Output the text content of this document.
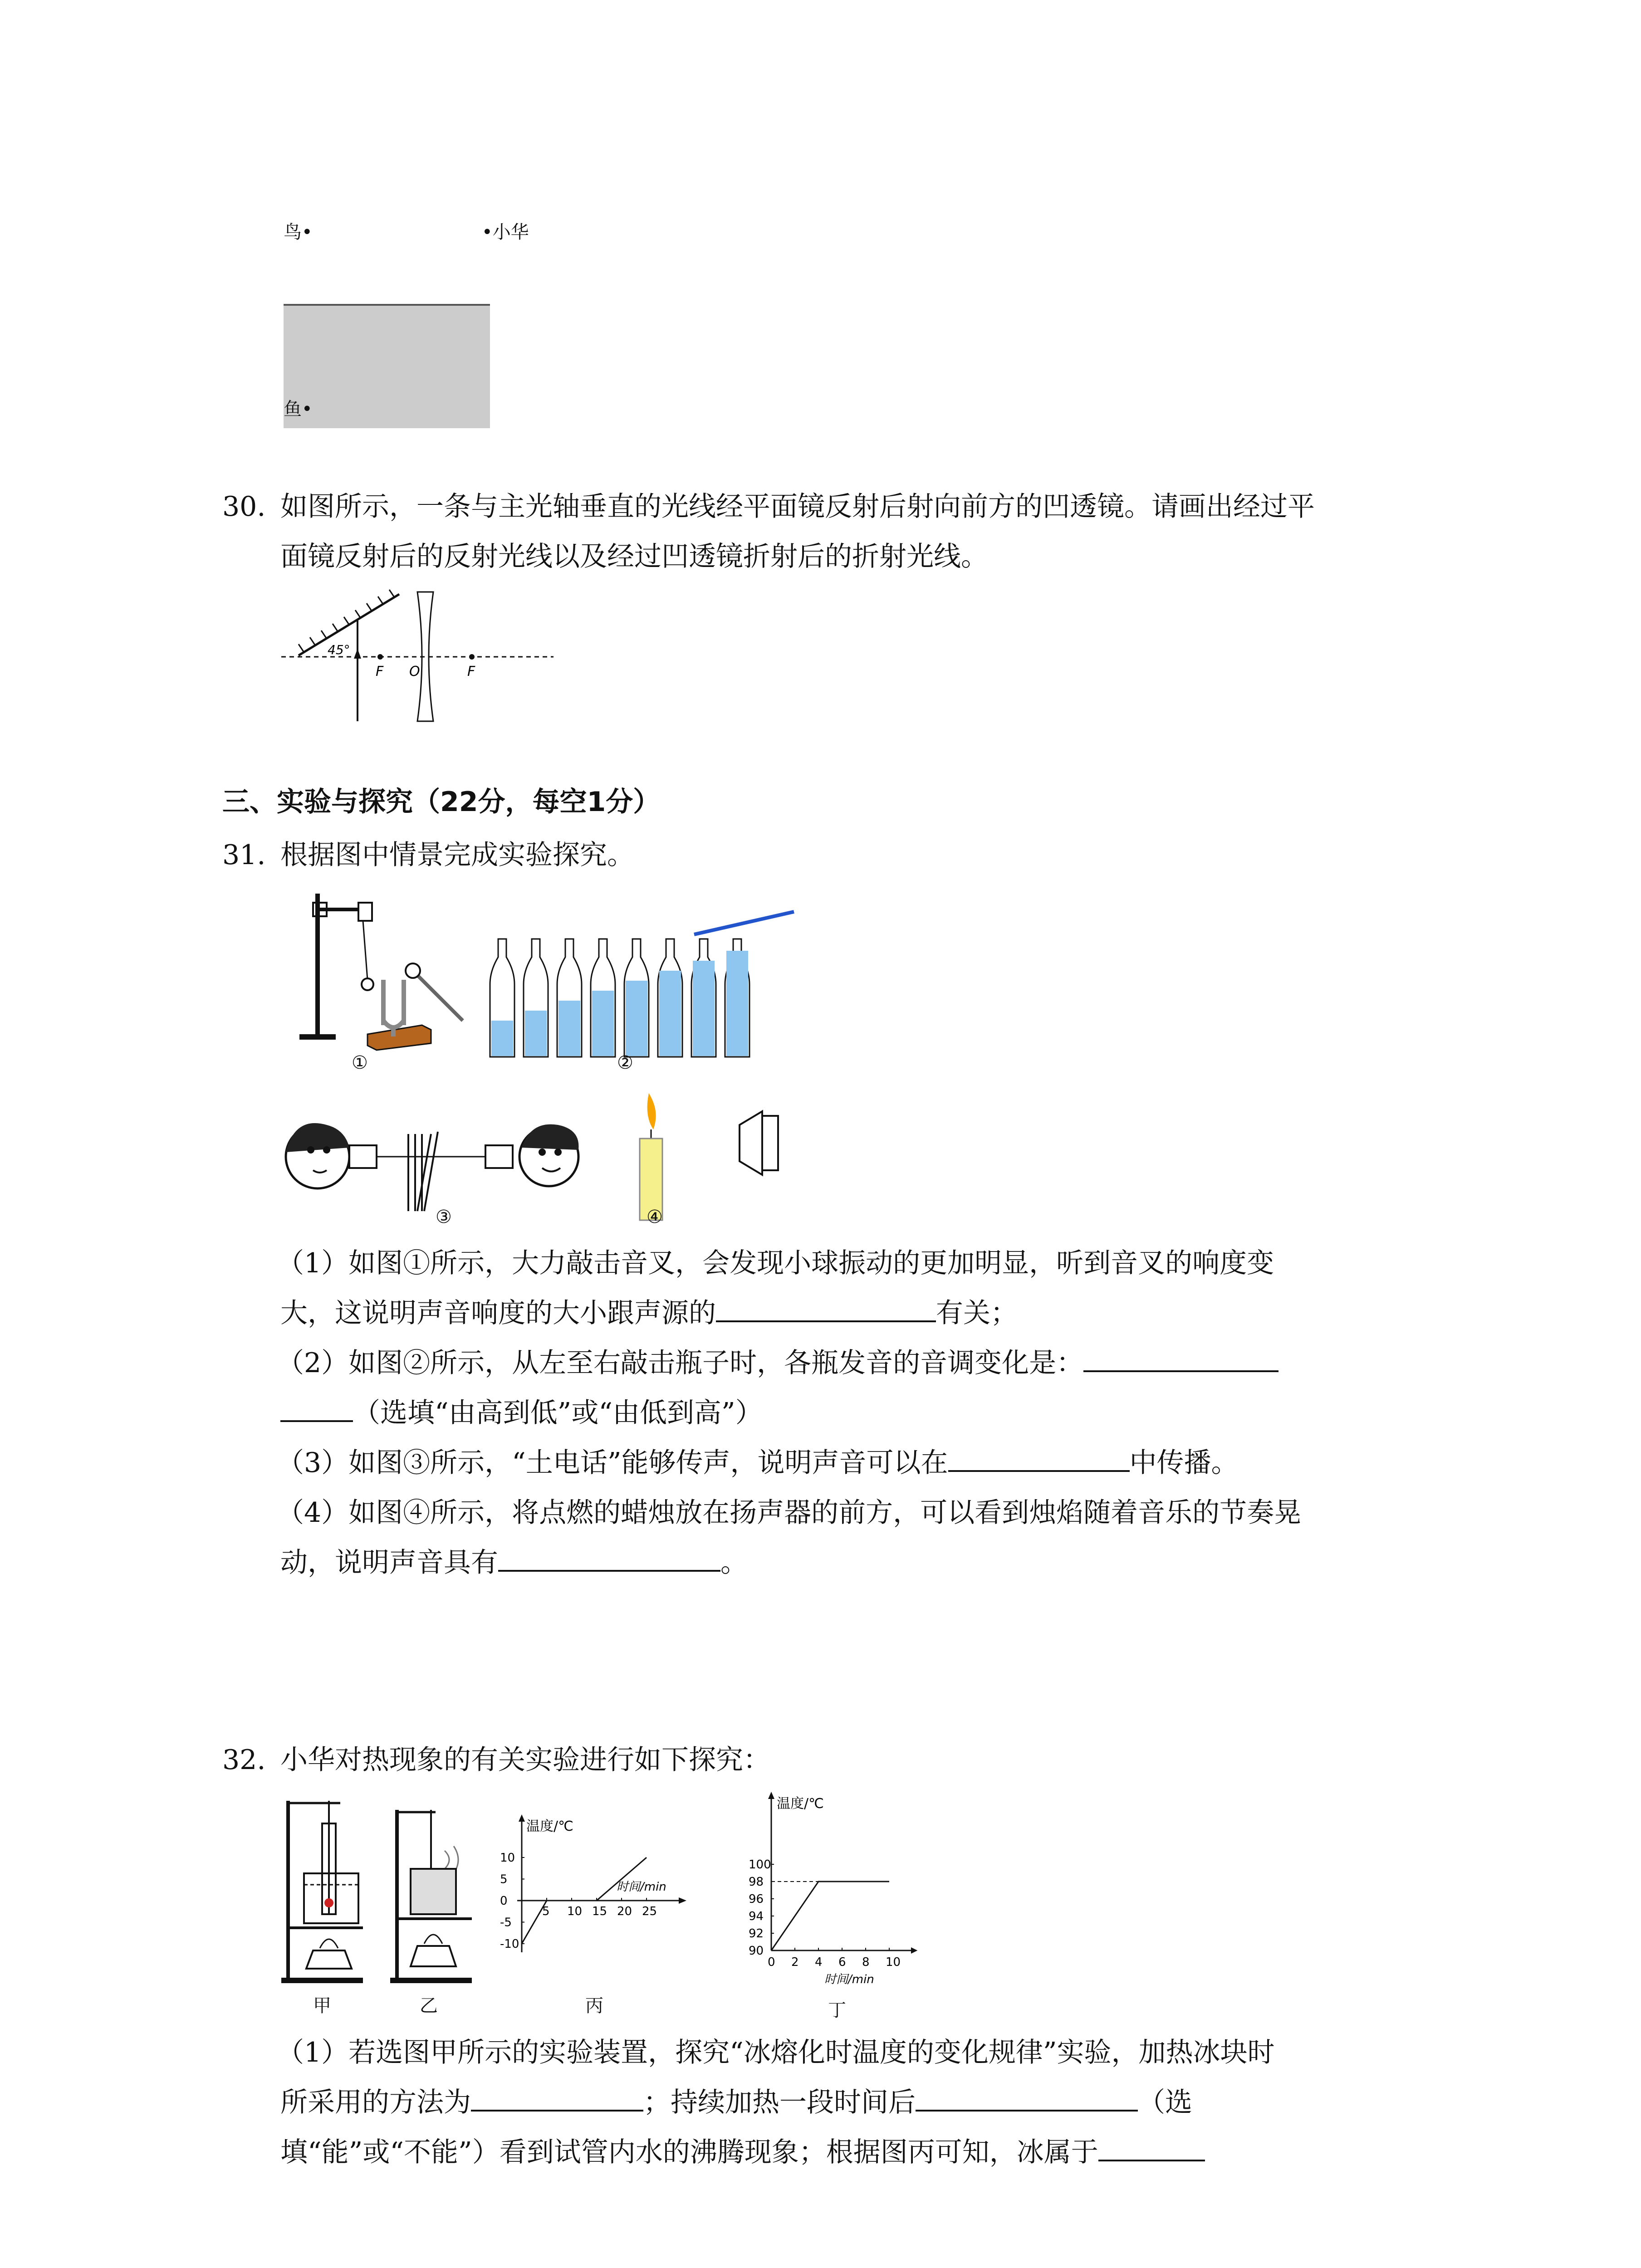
鸟•	•小华
鱼•
30. 如图所示，一条与主光轴垂直的光线经平面镜反射后射向前方的凹透镜。请画出经过平
面镜反射后的反射光线以及经过凹透镜折射后的折射光线。
45°
F O	F
三、实验与探究（22分，每空1分）
31. 根据图中情景完成实验探究。
①	②
③	④
（1）如图①所示，大力敲击音叉，会发现小球振动的更加明显，听到音叉的响度变
大，这说明声音响度的大小跟声源的	有关；
（2）如图②所示，从左至右敲击瓶子时，各瓶发音的音调变化是：
（选填“由高到低”或“由低到高”）
（3）如图③所示，“土电话”能够传声，说明声音可以在	中传播。
（4）如图④所示，将点燃的蜡烛放在扬声器的前方，可以看到烛焰随着音乐的节奏晃
动，说明声音具有	。
32. 小华对热现象的有关实验进行如下探究：
温度/℃
时间/min
5 10 15 20 25
10
5
0
-5
-10
温度/℃
时间/min
0 2 4 6 8 10
100
98
96
94
92
90
甲	乙	丙	丁
（1）若选图甲所示的实验装置，探究“冰熔化时温度的变化规律”实验，加热冰块时
所采用的方法为	；持续加热一段时间后	（选
填“能”或“不能”）看到试管内水的沸腾现象；根据图丙可知，冰属于
